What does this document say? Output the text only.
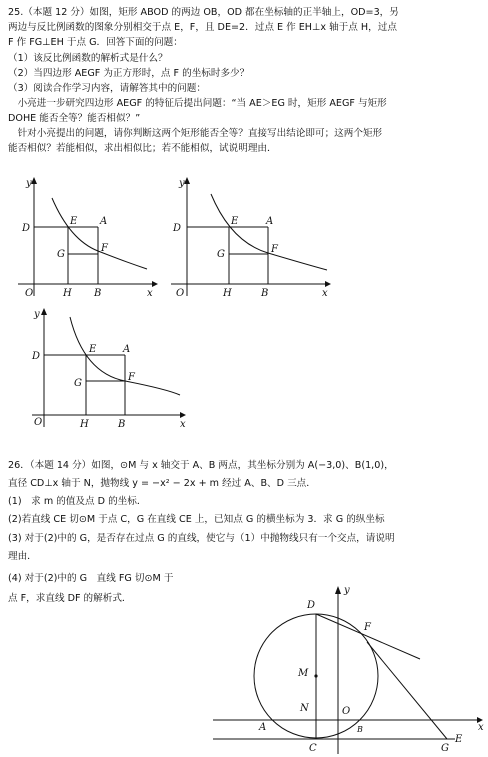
25.（本题 12 分）如图，矩形 ABOD 的两边 OB，OD 都在坐标轴的正半轴上，OD=3，另
两边与反比例函数的图象分别相交于点 E，F，且 DE=2．过点 E 作 EH⊥x 轴于点 H，过点
F 作 FG⊥EH 于点 G．回答下面的问题：
（1）该反比例函数的解析式是什么？
（2）当四边形 AEGF 为正方形时，点 F 的坐标时多少？
（3）阅读合作学习内容，请解答其中的问题：
　小亮进一步研究四边形 AEGF 的特征后提出问题：“当 AE＞EG 时，矩形 AEGF 与矩形
DOHE 能否全等？能否相似？”
　针对小亮提出的问题，请你判断这两个矩形能否全等？直接写出结论即可；这两个矩形
能否相似？若能相似，求出相似比；若不能相似，试说明理由．
y
D
E A
G
F
O	H B	x
y
D
E	A
G	F
O	H	B	x
y
D
E	A
G
F
O	H	B	x
26．（本题 14 分）如图，⊙M 与 x 轴交于 A、B 两点，其坐标分别为 A(−3,0)、B(1,0)，
直径 CD⊥x 轴于 N，抛物线 y = −x² − 2x + m 经过 A、B、D 三点．
(1)　求 m 的值及点 D 的坐标．
(2)若直线 CE 切⊙M 于点 C，G 在直线 CE 上，已知点 G 的横坐标为 3．求 G 的纵坐标
(3) 对于(2)中的 G，是否存在过点 G 的直线，使它与（1）中抛物线只有一个交点，请说明
理由．
(4) 对于(2)中的 G　直线 FG 切⊙M 于
点 F，求直线 DF 的解析式．
y
D
F
M
N	O
A	B
C	G
E
x
